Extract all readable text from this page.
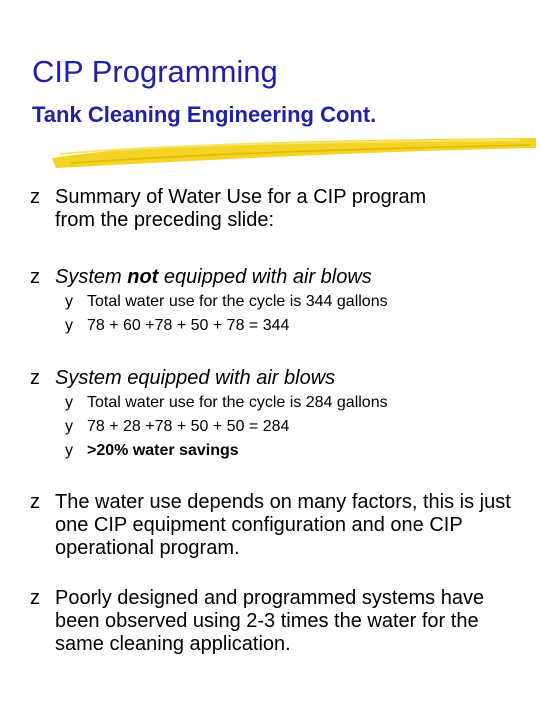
CIP Programming
Tank Cleaning Engineering Cont.
z Summary of Water Use for a CIP program
from the preceding slide:
z System not equipped with air blows
y Total water use for the cycle is 344 gallons
y 78 + 60 +78 + 50 + 78 = 344
z System equipped with air blows
y Total water use for the cycle is 284 gallons
y 78 + 28 +78 + 50 + 50 = 284
y >20% water savings
z The water use depends on many factors, this is just
one CIP equipment configuration and one CIP
operational program.
z Poorly designed and programmed systems have
been observed using 2-3 times the water for the
same cleaning application.
